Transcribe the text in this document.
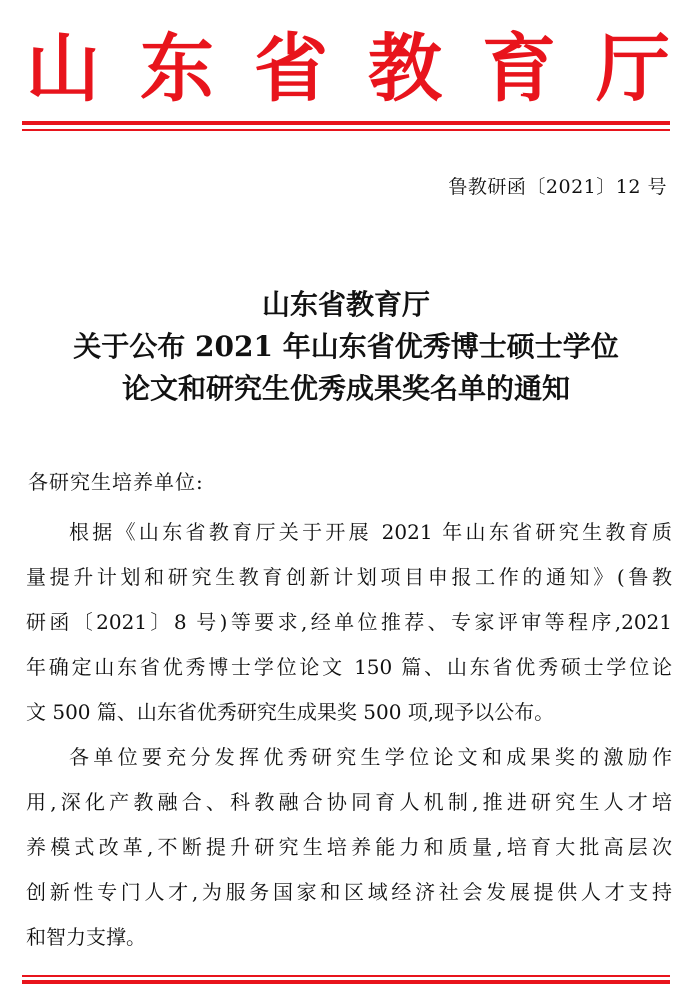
山 东 省 教 育 厅
鲁教研函〔2021〕12 号
山东省教育厅
关于公布 2021 年山东省优秀博士硕士学位
论文和研究生优秀成果奖名单的通知
各研究生培养单位:
根据《山东省教育厅关于开展 2021 年山东省研究生教育质
量提升计划和研究生教育创新计划项目申报工作的通知》(鲁教
研函〔2021〕8 号)等要求,经单位推荐、专家评审等程序,2021
年确定山东省优秀博士学位论文 150 篇、山东省优秀硕士学位论
文 500 篇、山东省优秀研究生成果奖 500 项,现予以公布。
各单位要充分发挥优秀研究生学位论文和成果奖的激励作
用,深化产教融合、科教融合协同育人机制,推进研究生人才培
养模式改革,不断提升研究生培养能力和质量,培育大批高层次
创新性专门人才,为服务国家和区域经济社会发展提供人才支持
和智力支撑。
